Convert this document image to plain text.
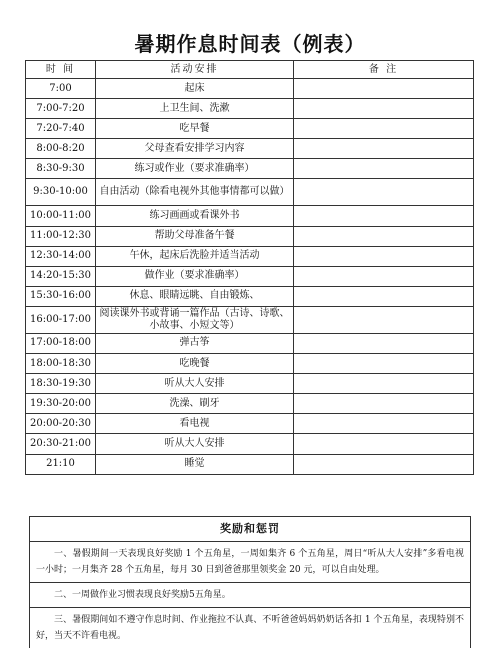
暑期作息时间表（例表）
时 间	活动安排	备 注
7:00	起床	
7:00-7:20	上卫生间、洗漱	
7:20-7:40	吃早餐	
8:00-8:20	父母查看安排学习内容	
8:30-9:30	练习或作业（要求准确率）	
9:30-10:00	自由活动（除看电视外其他事情都可以做）	
10:00-11:00	练习画画或看课外书	
11:00-12:30	帮助父母准备午餐	
12:30-14:00	午休，起床后洗脸并适当活动	
14:20-15:30	做作业（要求准确率）	
15:30-16:00	休息、眼睛远眺、自由锻炼、	
16:00-17:00	阅读课外书或背诵一篇作品（古诗、诗歌、小故事、小短文等）	
17:00-18:00	弹古筝	
18:00-18:30	吃晚餐	
18:30-19:30	听从大人安排	
19:30-20:00	洗澡、刷牙	
20:00-20:30	看电视	
20:30-21:00	听从大人安排	
21:10	睡觉	
奖励和惩罚
一、暑假期间一天表现良好奖励 1 个五角星，一周如集齐 6 个五角星，周日“听从大人安排”多看电视一小时；一月集齐 28 个五角星，每月 30 日到爸爸那里领奖金 20 元，可以自由处理。
二、一周做作业习惯表现良好奖励5五角星。
三、暑假期间如不遵守作息时间、作业拖拉不认真、不听爸爸妈妈奶奶话各扣 1 个五角星，表现特别不好，当天不许看电视。
